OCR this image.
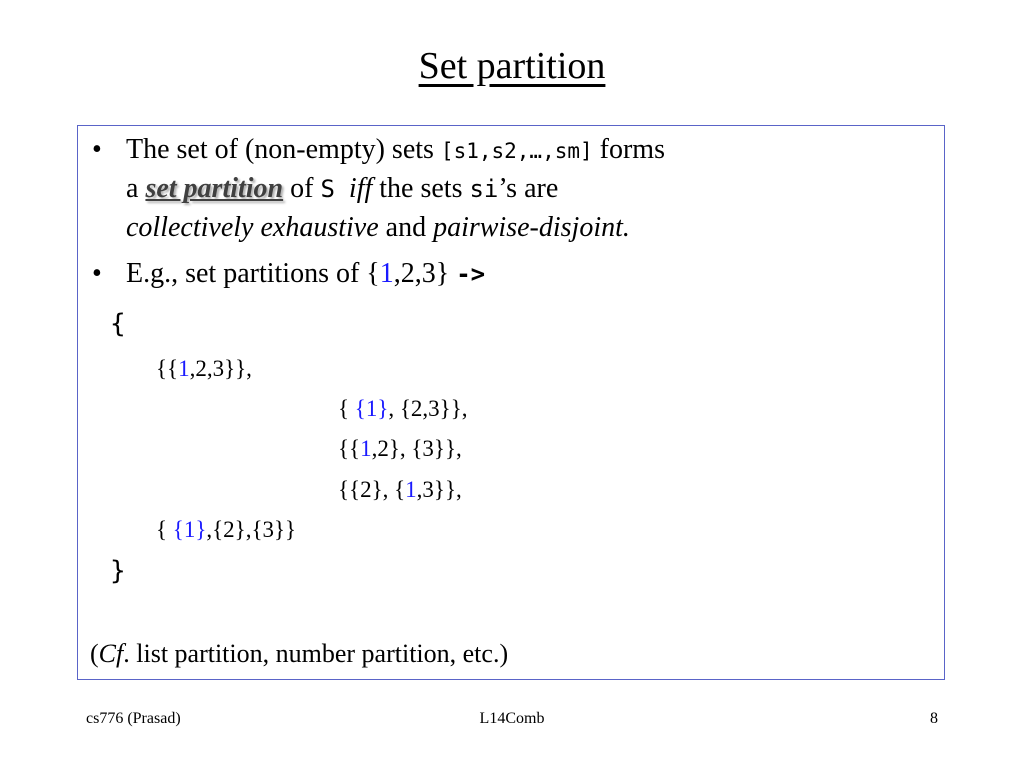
Set partition
• The set of (non-empty) sets [s1,s2,…,sm] forms
a set partition of S iff the sets si’s are
collectively exhaustive and pairwise-disjoint.
• E.g., set partitions of {1,2,3} ->
{
{{1,2,3}},
{ {1}, {2,3}},
{{1,2}, {3}},
{{2}, {1,3}},
{ {1},{2},{3}}
}
(Cf. list partition, number partition, etc.)
cs776 (Prasad)	L14Comb	8
